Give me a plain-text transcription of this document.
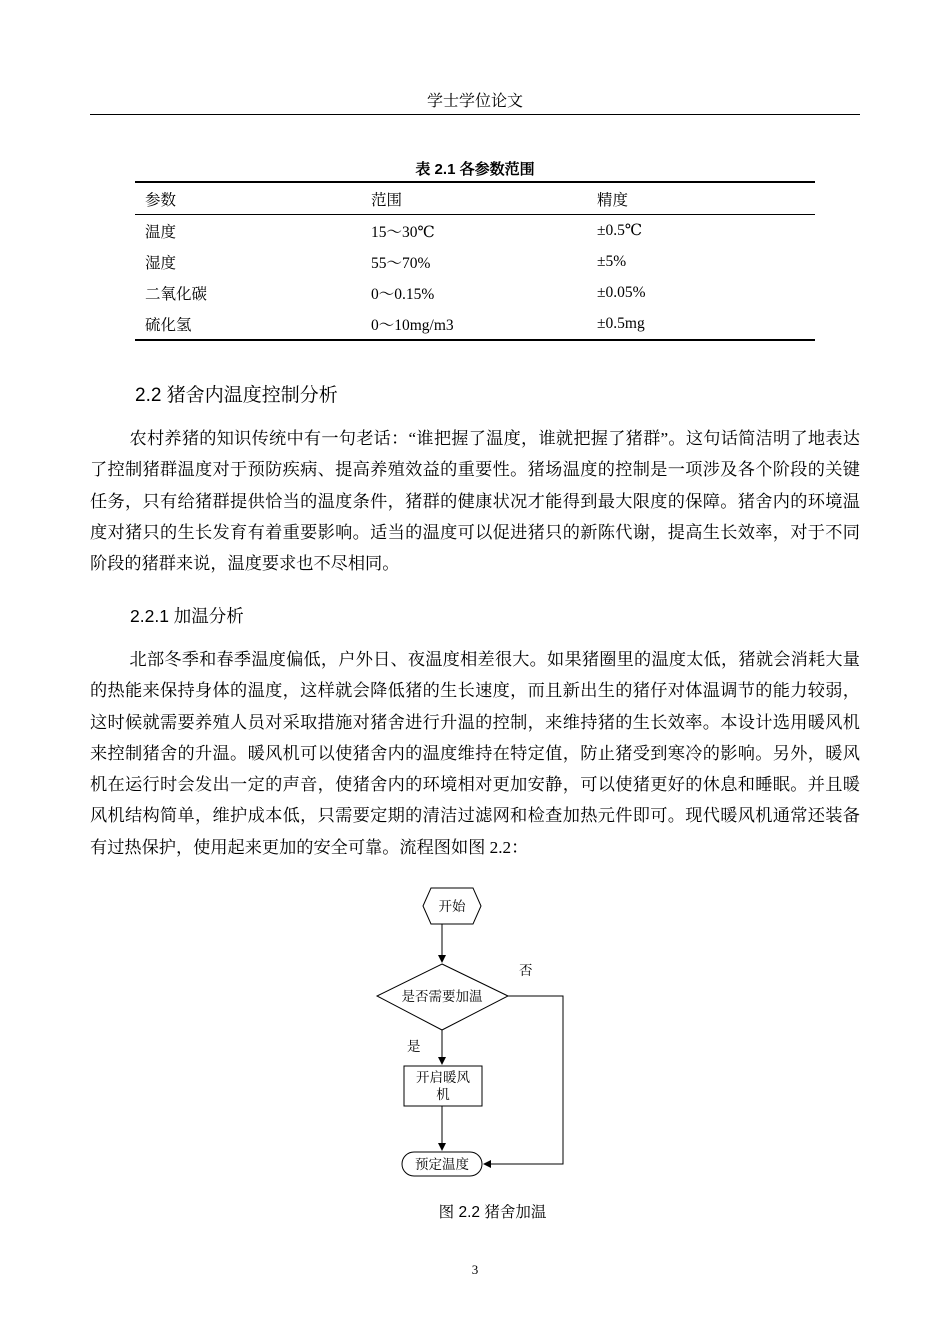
学士学位论文
表 2.1 各参数范围
参数	范围	精度
温度	15～30℃	±0.5℃
湿度	55～70%	±5%
二氧化碳	0～0.15%	±0.05%
硫化氢	0～10mg/m3	±0.5mg
2.2 猪舍内温度控制分析

农村养猪的知识传统中有一句老话：“谁把握了温度，谁就把握了猪群”。这句话简洁明了地表达了控制猪群温度对于预防疾病、提高养殖效益的重要性。猪场温度的控制是一项涉及各个阶段的关键任务，只有给猪群提供恰当的温度条件，猪群的健康状况才能得到最大限度的保障。猪舍内的环境温度对猪只的生长发育有着重要影响。适当的温度可以促进猪只的新陈代谢，提高生长效率，对于不同阶段的猪群来说，温度要求也不尽相同。

2.2.1 加温分析

北部冬季和春季温度偏低，户外日、夜温度相差很大。如果猪圈里的温度太低，猪就会消耗大量的热能来保持身体的温度，这样就会降低猪的生长速度，而且新出生的猪仔对体温调节的能力较弱，这时候就需要养殖人员对采取措施对猪舍进行升温的控制，来维持猪的生长效率。本设计选用暖风机来控制猪舍的升温。暖风机可以使猪舍内的温度维持在特定值，防止猪受到寒冷的影响。另外，暖风机在运行时会发出一定的声音，使猪舍内的环境相对更加安静，可以使猪更好的休息和睡眠。并且暖风机结构简单，维护成本低，只需要定期的清洁过滤网和检查加热元件即可。现代暖风机通常还装备有过热保护，使用起来更加的安全可靠。流程图如图 2.2：

开始
是否需要加温
否
是
开启暖风
机
预定温度
图 2.2 猪舍加温
3
